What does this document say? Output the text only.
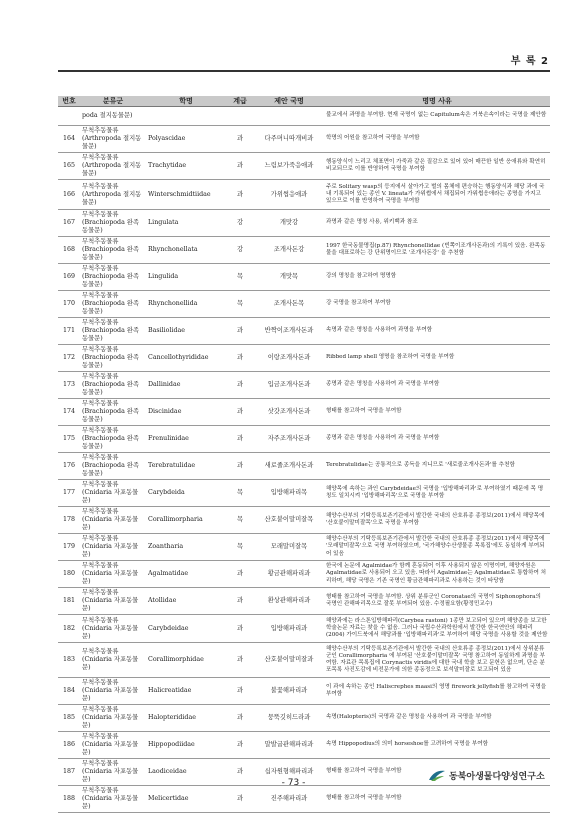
부 록 2
번호	분류군	학명	계급	제안 국명	명명 사유
	poda 절지동물문)				불교에서 과명을 부여함. 현재 국명이 없는 Capitulum속은 거북손속이라는 국명을 제안함
164	무척추동물류(Arthropoda 절지동물문)	Polyascidae	과	다주머니따개비과	학명의 어원을 참고하여 국명을 부여함
165	무척추동물류(Arthropoda 절지동물문)	Trachytidae	과	느림보가죽응애과	행동양식이 느리고 체표면이 가죽과 같은 질감으로 있어 있어 매끈한 일반 응애류와 확연히 비교되므로 이를 반영하여 국명을 부여함
166	무척추동물류(Arthropoda 절지동물문)	Winterschmidtiidae	과	가위썹응애과	주로 Solitary wasp의 등지에서 살아가고 벌의 몸체에 편승하는 행동양식과 해당 과에 국내 기록되어 있는 종인 V. lineata가 가위썹에서 채집되어 가위썹응애라는 종명을 가지고 있으므로 이를 반영하여 국명을 부여함
167	무척추동물류(Brachiopoda 완족동물문)	Lingulata	강	개맛강	과명과 같은 명칭 사용, 위키백과 참조
168	무척추동물류(Brachiopoda 완족동물문)	Rhynchonellata	강	조개사돈강	1997 한국동물명집(p.87) Rhynchonellidae (빈쪽이조개사돈과)의 기록이 있음. 완족동물을 대표로하는 강 단위명이므로 '조개사돈강' 을 추천함
169	무척추동물류(Brachiopoda 완족동물문)	Lingulida	목	개맛목	강의 명칭을 참고하여 명명함
170	무척추동물류(Brachiopoda 완족동물문)	Rhynchonellida	목	조개사돈목	강 국명을 참고하여 부여함
171	무척추동물류(Brachiopoda 완족동물문)	Basiliolidae	과	반짝이조개사돈과	속명과 같은 명칭을 사용하여 과명을 부여함
172	무척추동물류(Brachiopoda 완족동물문)	Cancellothyrididae	과	이랑조개사돈과	Ribbed lamp shell 영명을 참조하여 국명을 부여함
173	무척추동물류(Brachiopoda 완족동물문)	Dallinidae	과	입금조개사돈과	종명과 같은 명칭을 사용하여 과 국명을 부여함
174	무척추동물류(Brachiopoda 완족동물문)	Discinidae	과	삿갓조개사돈과	형태를 참고하여 국명을 부여함
175	무척추동물류(Brachiopoda 완족동물문)	Frenulinidae	과	자주조개사돈과	종명과 같은 명칭을 사용하여 과 국명을 부여함
176	무척추동물류(Brachiopoda 완족동물문)	Terebratulidae	과	새로줄조개사돈과	Terebratulidae는 공통적으로 종득을 지니므로 '새로줄조개사돈과'를 추천함
177	무척추동물류(Cnidaria 자포동물문)	Carybdeida	목	입방해파리목	해양목에 속하는 과인 Carybdeidae의 국명을 '입방해파리과'로 부여하였기 때문에 목 명칭도 일치시켜 '입방해파리목'으로 국명을 부여함
178	무척추동물류(Cnidaria 자포동물문)	Corallimorpharia	목	산호붙이말미잘목	해양수산부의 기탁등록보존기관에서 발간한 국내의 산호류종 종정보(2011)에서 해당목에 '산호붙이말미잘목'으로 국명을 부여함
179	무척추동물류(Cnidaria 자포동물문)	Zoantharia	목	모래말미잘목	해양수산부의 기탁등록보존기관에서 발간한 국내의 산호류종 종정보(2011)에서 해당목에 '모래말미잘목'으로 국명 부여하였으며, '국가해양수산생물종 목록집'에도 동일하게 부여되어 있음
180	무척추동물류(Cnidaria 자포동물문)	Agalmatidae	과	황금관해파리과	한국에 논문에 Agalmidae가 함께 혼동되어 이후 사용되지 않은 이명이며, 해양자원은 Agalmatidae로 사용되어 오고 있음. 따라서 Agalmidae는 Agalmatidae로 통합하여 처리하며, 해당 국명은 기존 국명인 황금관해파리과로 사용하는 것이 타당함
181	무척추동물류(Cnidaria 자포동물문)	Atollidae	과	환상관해파리과	형태를 참고하여 국명을 부여함. 상위 분류군인 Coronatae의 국명이 Siphonophora의 국명인 관해파리목으로 잘못 부여되어 있음. 수정필요함(황정민교수)
182	무척추동물류(Cnidaria 자포동물문)	Carybdeidae	과	입방해파리과	해양과에는 라스톤입방해파리(Carybea rastoni) 1종만 보고되어 있으며 해양종을 보고한 학술논문 자료는 찾을 수 없음. 그러나 국립수산과학원에서 발간한 한국연안의 해파리(2004) 가이드북에서 해당과를 '입방해파리과'로 부여하여 해당 국명을 사용할 것을 제안함
183	무척추동물류(Cnidaria 자포동물문)	Corallimorphidae	과	산호붙이말미잘과	해양수산부의 기탁등록보존기관에서 발간한 국내의 산호류종 종정보(2011)에서 상위분류군인 Corallimorpharia 에 부여된 '산호붙이말미잘목' 국명 참고하여 동일하게 과명을 부여함. 자료관 목록집에 Corynactis viridis에 대한 국내 학술 보고 문헌은 없으며, 단순 분포목록 사진도감에 비전문가에 의한 종동정으로 보석말미잘로 보고되어 있음
184	무척추동물류(Cnidaria 자포동물문)	Halicreatidae	과	불꽃해파리과	이 과에 속하는 종인 Haliscrephes maasi의 영명 firework jellyfish를 참고하여 국명을 부여함
185	무척추동물류(Cnidaria 자포동물문)	Halopterididae	과	뭉뚝깃히드라과	속명(Halopteris)의 국명과 같은 명칭을 사용하여 과 국명을 부여함
186	무척추동물류(Cnidaria 자포동물문)	Hippopodiidae	과	말발굽관해파리과	속명 Hippopodius의 의미 horseshoe를 고려하여 국명을 부여함
187	무척추동물류(Cnidaria 자포동물문)	Laodiceidae	과	십자원형해파리과	형태를 참고하여 국명을 부여함
188	무척추동물류(Cnidaria 자포동물문)	Melicertidae	과	진주해파리과	형태를 참고하여 국명을 부여함
- 73 -
동북아생물다양성연구소
